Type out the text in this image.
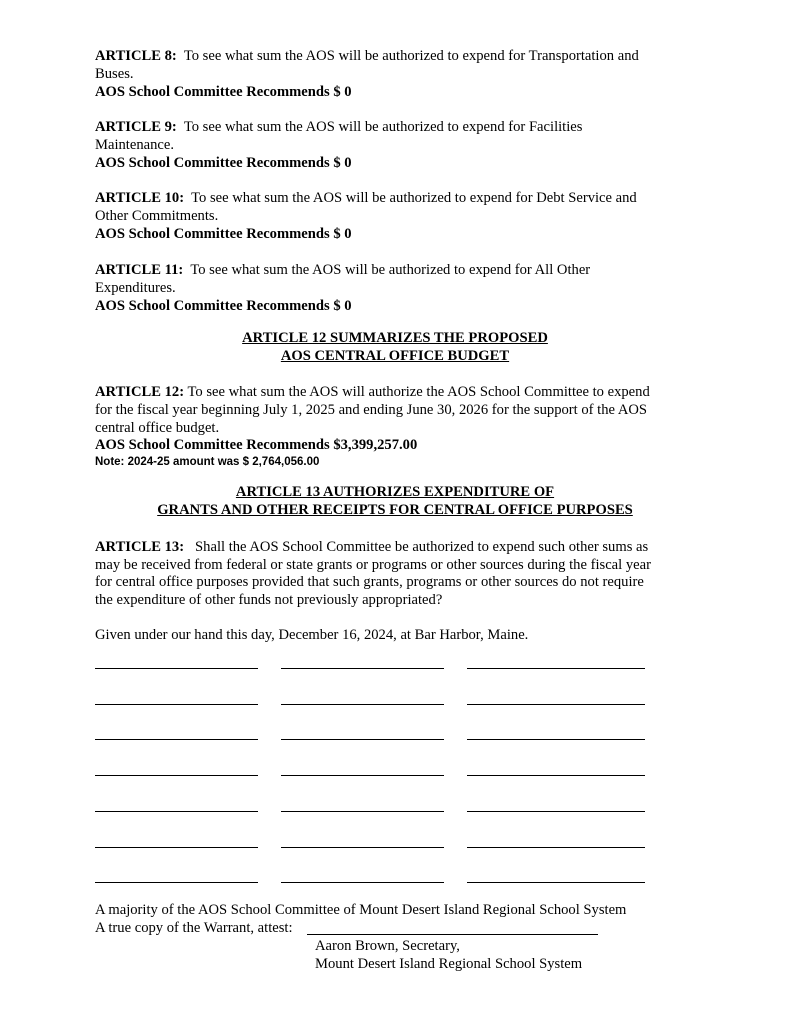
ARTICLE 8: To see what sum the AOS will be authorized to expend for Transportation and
Buses.
AOS School Committee Recommends $ 0
ARTICLE 9: To see what sum the AOS will be authorized to expend for Facilities
Maintenance.
AOS School Committee Recommends $ 0
ARTICLE 10: To see what sum the AOS will be authorized to expend for Debt Service and
Other Commitments.
AOS School Committee Recommends $ 0
ARTICLE 11: To see what sum the AOS will be authorized to expend for All Other
Expenditures.
AOS School Committee Recommends $ 0
ARTICLE 12 SUMMARIZES THE PROPOSED
AOS CENTRAL OFFICE BUDGET
ARTICLE 12: To see what sum the AOS will authorize the AOS School Committee to expend
for the fiscal year beginning July 1, 2025 and ending June 30, 2026 for the support of the AOS
central office budget.
AOS School Committee Recommends $3,399,257.00
Note: 2024-25 amount was $ 2,764,056.00
ARTICLE 13 AUTHORIZES EXPENDITURE OF
GRANTS AND OTHER RECEIPTS FOR CENTRAL OFFICE PURPOSES
ARTICLE 13: Shall the AOS School Committee be authorized to expend such other sums as
may be received from federal or state grants or programs or other sources during the fiscal year
for central office purposes provided that such grants, programs or other sources do not require
the expenditure of other funds not previously appropriated?
Given under our hand this day, December 16, 2024, at Bar Harbor, Maine.
A majority of the AOS School Committee of Mount Desert Island Regional School System
A true copy of the Warrant, attest:
Aaron Brown, Secretary,
Mount Desert Island Regional School System
